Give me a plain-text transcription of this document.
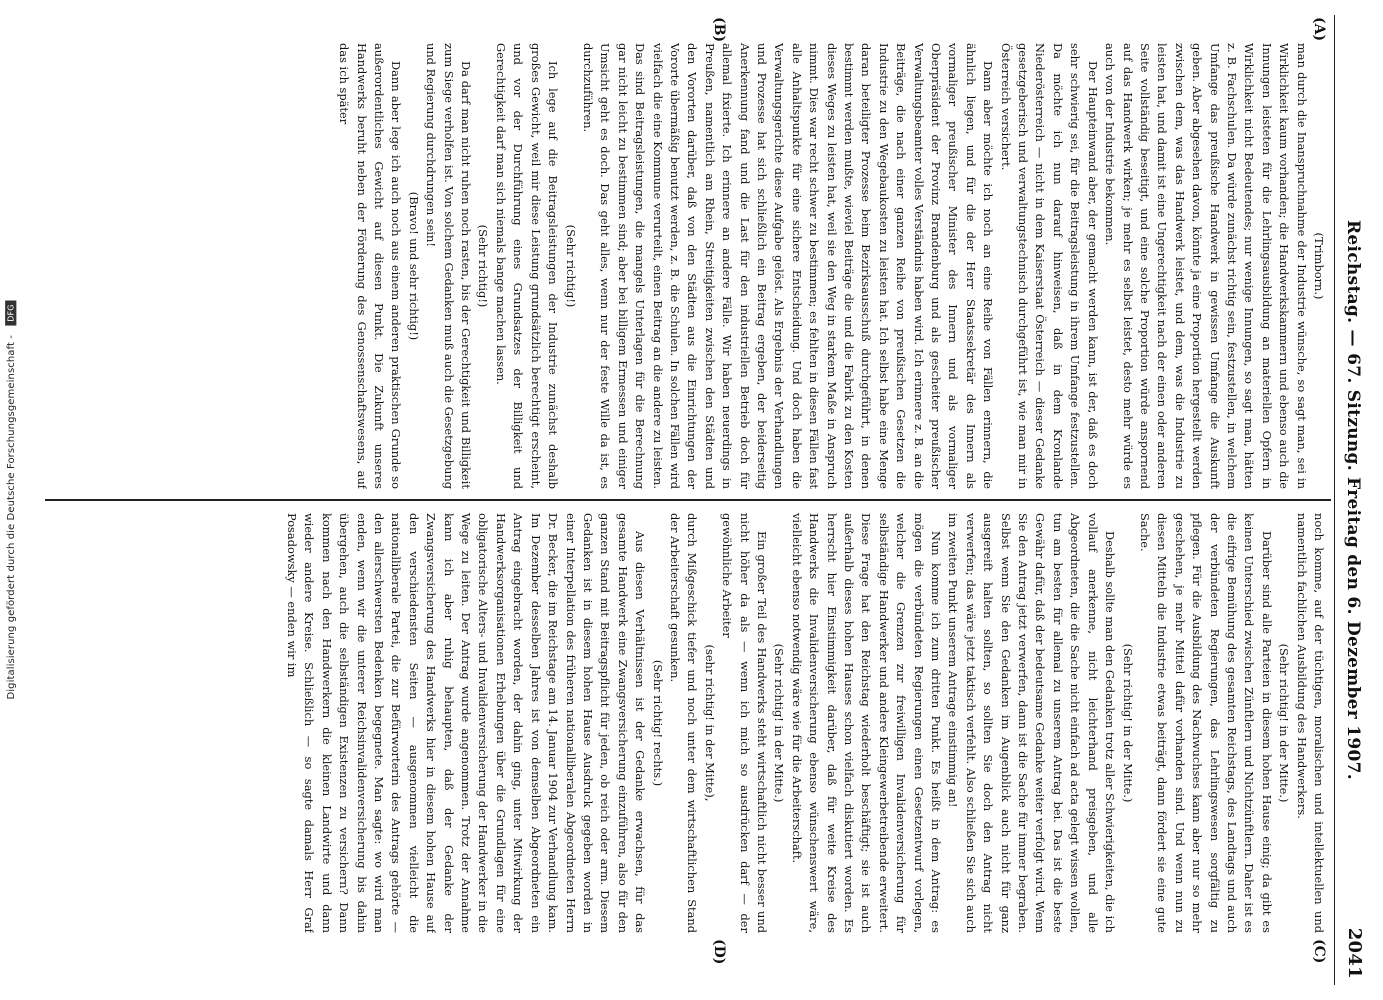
Digitalisierung gefördert durch die Deutsche Forschungsgemeinschaft - DFG	Reichstag. — 67. Sitzung. Freitag den 6. Dezember 1907.
2041
(A)
(B)
(C)
(D)
(Trimborn.)

man durch die Inanspruchnahme der Industrie wünsche, so sagt man, sei in Wirklichkeit kaum vorhanden; die Handwerkskammern und ebenso auch die Innungen leisteten für die Lehrlingsausbildung an materiellen Opfern in Wirklichkeit nicht Bedeutendes; nur wenige Innungen, so sagt man, hätten z. B. Fachschulen. Da würde zunächst richtig sein, festzustellen, in welchem Umfange das preußische Handwerk in gewissen Umfange die Auskunft geben. Aber abgesehen davon, könnte ja eine Proportion hergestellt werden zwischen dem, was das Handwerk leistet, und dem, was die Industrie zu leisten hat, und damit ist eine Ungerechtigkeit nach der einen oder anderen Seite vollständig beseitigt, und eine solche Proportion würde anspornend auf das Handwerk wirken; je mehr es selbst leistet, desto mehr würde es auch von der Industrie bekommen.

Der Haupteinwand aber, der gemacht werden kann, ist der, daß es doch sehr schwierig sei, für die Beitragsleistung in ihrem Umfange festzustellen. Da möchte ich nun darauf hinweisen, daß in dem Kronlande Niederösterreich — nicht in dem Kaiserstaat Österreich — dieser Gedanke gesetzgeberisch und verwaltungstechnisch durchgeführt ist, wie man mir in Österreich versichert.

Dann aber möchte ich noch an eine Reihe von Fällen erinnern, die ähnlich liegen, und für die der Herr Staatssekretär des Innern als vormaliger preußischer Minister des Innern und als vormaliger Oberpräsident der Provinz Brandenburg und als gescheiter preußischer Verwaltungsbeamter volles Verständnis haben wird. Ich erinnere z. B. an die Beiträge, die nach einer ganzen Reihe von preußischen Gesetzen die Industrie zu den Wegebaukosten zu leisten hat. Ich selbst habe eine Menge daran beteiligter Prozesse beim Bezirksausschuß durchgeführt, in denen bestimmt werden mußte, wieviel Beiträge die und die Fabrik zu den Kosten dieses Weges zu leisten hat, weil sie den Weg in starkem Maße in Anspruch nimmt. Dies war recht schwer zu bestimmen; es fehlten in diesen Fällen fast alle Anhaltspunkte für eine sichere Entscheidung. Und doch haben die Verwaltungsgerichte diese Aufgabe gelöst. Als Ergebnis der Verhandlungen und Prozesse hat sich schließlich ein Beitrag ergeben, der beiderseitig Anerkennung fand und die Last für den industriellen Betrieb doch für allemal fixierte. Ich erinnere an andere Fälle. Wir haben neuerdings in Preußen, namentlich am Rhein, Streitigkeiten zwischen den Städten und den Vororten darüber, daß von den Städten aus die Einrichtungen der Vororte übermäßig benutzt werden, z. B. die Schulen. In solchen Fällen wird vielfach die eine Kommune verurteilt, einen Beitrag an die andere zu leisten. Das sind Beitragsleistungen, die mangels Unterlagen für die Berechnung gar nicht leicht zu bestimmen sind; aber bei billigem Ermessen und einiger Umsicht geht es doch. Das geht alles, wenn nur der feste Wille da ist, es durchzuführen.

(Sehr richtig!)

Ich lege auf die Beitragsleistungen der Industrie zunächst deshalb großes Gewicht, weil mir diese Leistung grundsätzlich berechtigt erscheint, und vor der Durchführung eines Grundsatzes der Billigkeit und Gerechtigkeit darf man sich niemals bange machen lassen.

(Sehr richtig!)

Da darf man nicht ruhen noch rasten, bis der Gerechtigkeit und Billigkeit zum Siege verholfen ist. Von solchem Gedanken muß auch die Gesetzgebung und Regierung durchdrungen sein!

(Bravo! und sehr richtig!)

Dann aber lege ich auch noch aus einem anderen praktischen Grunde so außerordentliches Gewicht auf diesen Punkt. Die Zukunft unseres Handwerks beruht neben der Förderung des Genossenschaftswesens, auf das ich später

noch komme, auf der tüchtigen, moralischen und intellektuellen und namentlich fachlichen Ausbildung des Handwerkers.

(Sehr richtig! in der Mitte.)

Darüber sind alle Parteien in diesem hohen Hause einig; da gibt es keinen Unterschied zwischen Zünftlern und Nichtzünftlern. Daher ist es die eifrige Bemühung des gesamten Reichstags, des Landtags und auch der verbündeten Regierungen, das Lehrlingswesen sorgfältig zu pflegen. Für die Ausbildung des Nachwuchses kann aber nur so mehr geschehen, je mehr Mittel dafür vorhanden sind. Und wenn nun zu diesen Mitteln die Industrie etwas beiträgt, dann fördert sie eine gute Sache.

(Sehr richtig! in der Mitte.)

Deshalb sollte man den Gedanken trotz aller Schwierigkeiten, die ich vollauf anerkenne, nicht leichterhand preisgeben, und alle Abgeordneten, die die Sache nicht einfach ad acta gelegt wissen wollen, tun am besten für allemal zu unserem Antrag bei. Das ist die beste Gewähr dafür, daß der bedeutsame Gedanke weiter verfolgt wird. Wenn Sie den Antrag jetzt verwerfen, dann ist die Sache für immer begraben. Selbst wenn Sie den Gedanken im Augenblick auch nicht für ganz ausgereift halten sollten, so sollten Sie doch den Antrag nicht verwerfen; das wäre jetzt taktisch verfehlt. Also schließen Sie sich auch im zweiten Punkt unserem Antrage einstimmig an!

Nun komme ich zum dritten Punkt. Es heißt in dem Antrag: es mögen die verbündeten Regierungen einen Gesetzentwurf vorlegen, welcher die Grenzen zur freiwilligen Invalidenversicherung für selbständige Handwerker und andere Kleingewerbetreibende erweitert. Diese Frage hat den Reichstag wiederholt beschäftigt; sie ist auch außerhalb dieses hohen Hauses schon vielfach diskutiert worden. Es herrscht hier Einstimmigkeit darüber, daß für weite Kreise des Handwerks die Invalidenversicherung ebenso wünschenswert wäre, vielleicht ebenso notwendig wäre wie für die Arbeiterschaft.

(Sehr richtig! in der Mitte.)

Ein großer Teil des Handwerks steht wirtschaftlich nicht besser und nicht höher da als — wenn ich mich so ausdrücken darf — der gewöhnliche Arbeiter

(sehr richtig! in der Mitte),

durch Mißgeschick tiefer und noch unter dem wirtschaftlichen Stand der Arbeiterschaft gesunken.

(Sehr richtig! rechts.)

Aus diesen Verhältnissen ist der Gedanke erwachsen, für das gesamte Handwerk eine Zwangsversicherung einzuführen, also für den ganzen Stand mit Beitragspflicht für jeden, ob reich oder arm. Diesem Gedanken ist in diesem hohen Hause Ausdruck gegeben worden in einer Interpellation des früheren nationalliberalen Abgeordneten Herrn Dr. Becker, die im Reichstage am 14. Januar 1904 zur Verhandlung kam. Im Dezember desselben Jahres ist von demselben Abgeordneten ein Antrag eingebracht worden, der dahin ging, unter Mitwirkung der Handwerksorganisationen Erhebungen über die Grundlagen für eine obligatorische Alters- und Invalidenversicherung der Handwerker in die Wege zu leiten. Der Antrag wurde angenommen. Trotz der Annahme kann ich aber ruhig behaupten, daß der Gedanke der Zwangsversicherung des Handwerks hier in diesem hohen Hause auf den verschiedensten Seiten — ausgenommen vielleicht die nationalliberale Partei, die zur Befürworterin des Antrags gehörte — den allerschwersten Bedenken begegnete. Man sagte: wo wird man enden, wenn wir die unterer Reichsinvalidenversicherung bis dahin übergehen, auch die selbständigen Existenzen zu versichern? Dann kommen nach den Handwerkern die kleinen Landwirte und dann wieder andere Kreise. Schließlich — so sagte damals Herr Graf Posadowsky — enden wir im
